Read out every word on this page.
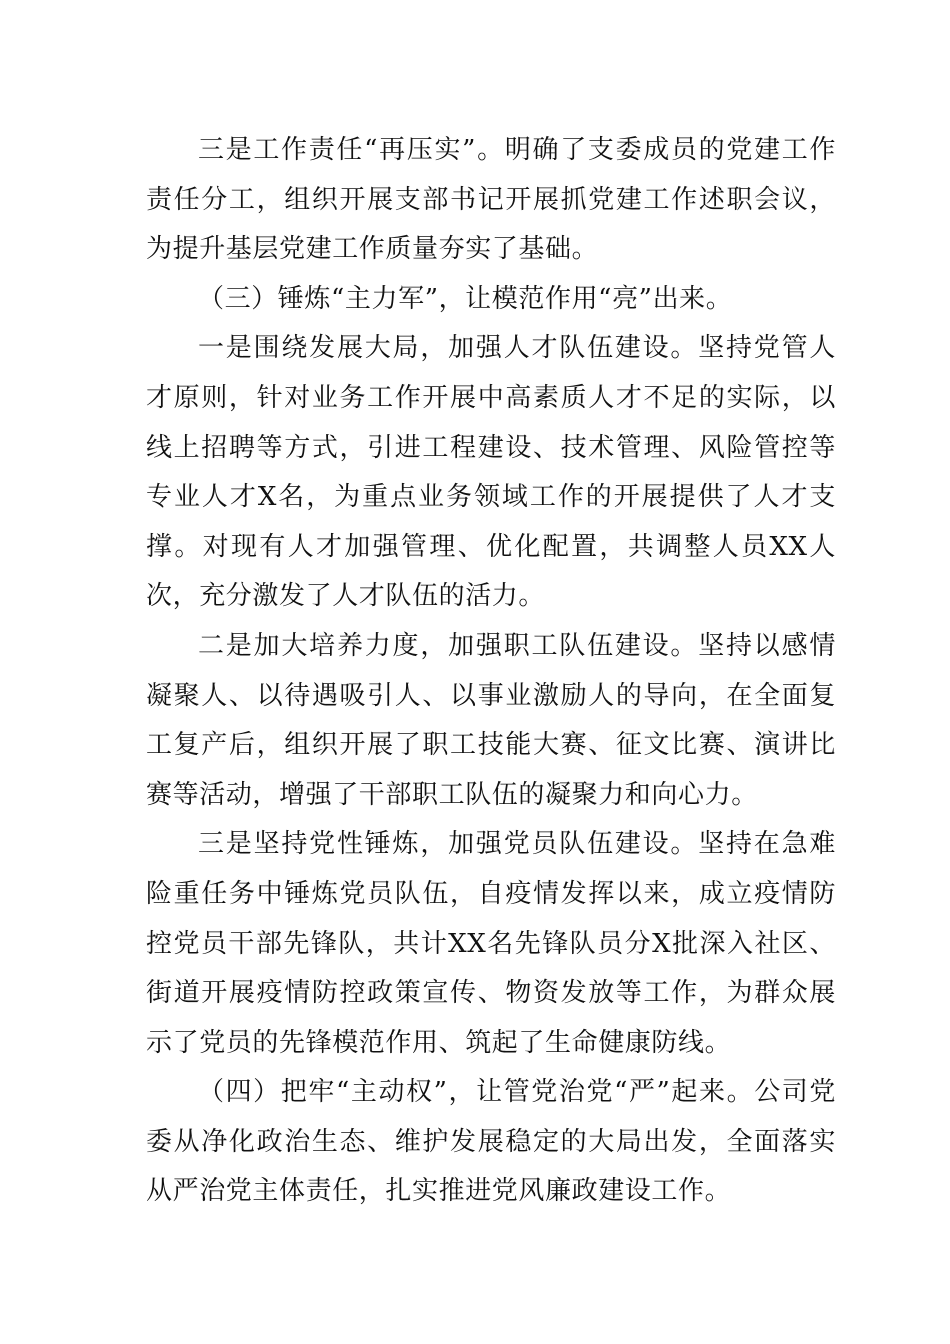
三是工作责任“再压实”。明确了支委成员的党建工作责任分工，组织开展支部书记开展抓党建工作述职会议，为提升基层党建工作质量夯实了基础。

（三）锤炼“主力军”，让模范作用“亮”出来。

一是围绕发展大局，加强人才队伍建设。坚持党管人才原则，针对业务工作开展中高素质人才不足的实际，以线上招聘等方式，引进工程建设、技术管理、风险管控等专业人才X名，为重点业务领域工作的开展提供了人才支撑。对现有人才加强管理、优化配置，共调整人员XX人次，充分激发了人才队伍的活力。

二是加大培养力度，加强职工队伍建设。坚持以感情凝聚人、以待遇吸引人、以事业激励人的导向，在全面复工复产后，组织开展了职工技能大赛、征文比赛、演讲比赛等活动，增强了干部职工队伍的凝聚力和向心力。

三是坚持党性锤炼，加强党员队伍建设。坚持在急难险重任务中锤炼党员队伍，自疫情发挥以来，成立疫情防控党员干部先锋队，共计XX名先锋队员分X批深入社区、街道开展疫情防控政策宣传、物资发放等工作，为群众展示了党员的先锋模范作用、筑起了生命健康防线。

（四）把牢“主动权”，让管党治党“严”起来。公司党委从净化政治生态、维护发展稳定的大局出发，全面落实从严治党主体责任，扎实推进党风廉政建设工作。
